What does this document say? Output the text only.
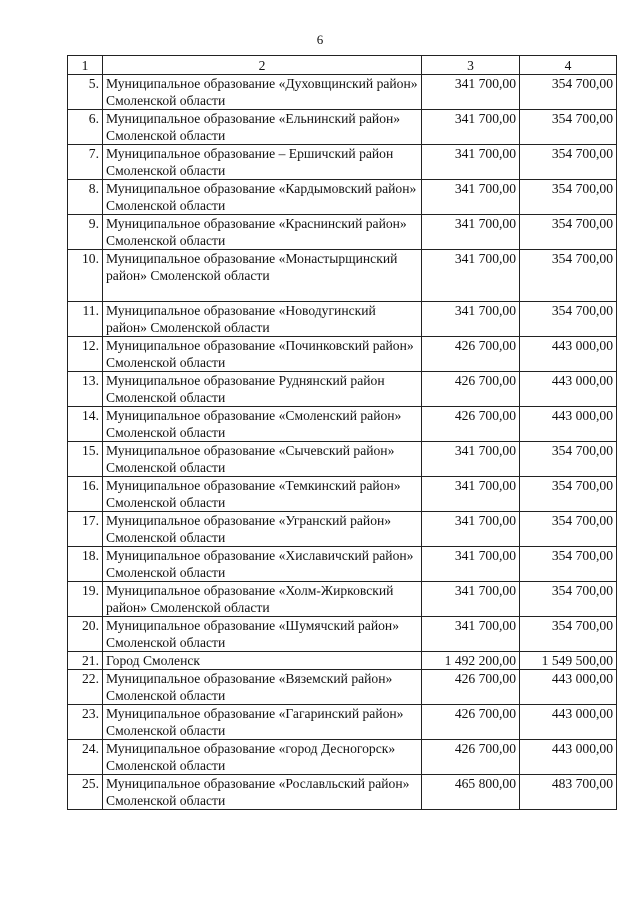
6
1	2	3	4
5.	Муниципальное образование «Духовщинский район» Смоленской области	341 700,00	354 700,00
6.	Муниципальное образование «Ельнинский район» Смоленской области	341 700,00	354 700,00
7.	Муниципальное образование – Ершичский район Смоленской области	341 700,00	354 700,00
8.	Муниципальное образование «Кардымовский район» Смоленской области	341 700,00	354 700,00
9.	Муниципальное образование «Краснинский район» Смоленской области	341 700,00	354 700,00
10.	Муниципальное образование «Монастырщинский район» Смоленской области	341 700,00	354 700,00
11.	Муниципальное образование «Новодугинский район» Смоленской области	341 700,00	354 700,00
12.	Муниципальное образование «Починковский район» Смоленской области	426 700,00	443 000,00
13.	Муниципальное образование Руднянский район Смоленской области	426 700,00	443 000,00
14.	Муниципальное образование «Смоленский район» Смоленской области	426 700,00	443 000,00
15.	Муниципальное образование «Сычевский район» Смоленской области	341 700,00	354 700,00
16.	Муниципальное образование «Темкинский район» Смоленской области	341 700,00	354 700,00
17.	Муниципальное образование «Угранский район» Смоленской области	341 700,00	354 700,00
18.	Муниципальное образование «Хиславичский район» Смоленской области	341 700,00	354 700,00
19.	Муниципальное образование «Холм-Жирковский район» Смоленской области	341 700,00	354 700,00
20.	Муниципальное образование «Шумячский район» Смоленской области	341 700,00	354 700,00
21.	Город Смоленск	1 492 200,00	1 549 500,00
22.	Муниципальное образование «Вяземский район» Смоленской области	426 700,00	443 000,00
23.	Муниципальное образование «Гагаринский район» Смоленской области	426 700,00	443 000,00
24.	Муниципальное образование «город Десногорск» Смоленской области	426 700,00	443 000,00
25.	Муниципальное образование «Рославльский район» Смоленской области	465 800,00	483 700,00
